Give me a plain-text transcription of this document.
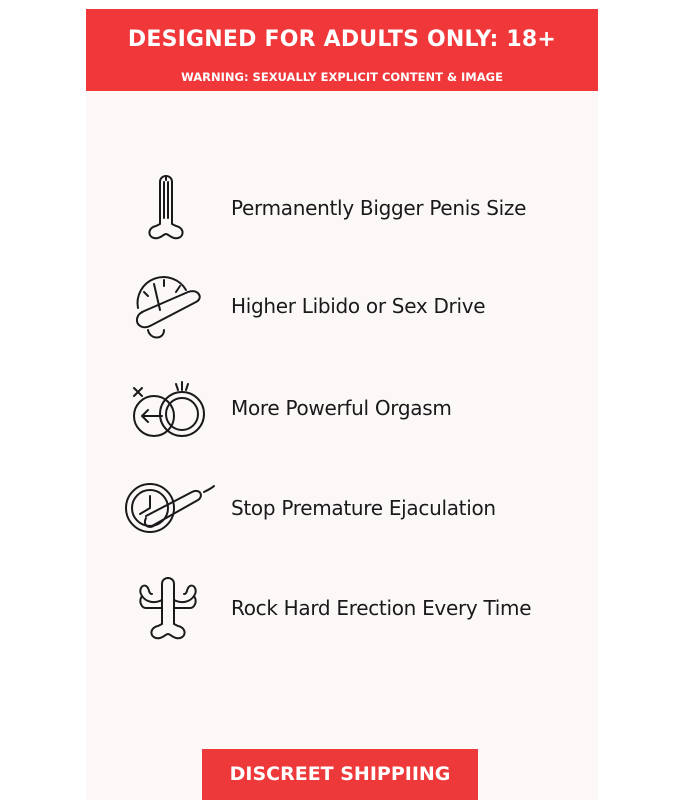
DESIGNED FOR ADULTS ONLY: 18+
WARNING: SEXUALLY EXPLICIT CONTENT & IMAGE
Permanently Bigger Penis Size
Higher Libido or Sex Drive
More Powerful Orgasm
Stop Premature Ejaculation
Rock Hard Erection Every Time
DISCREET SHIPPIING
